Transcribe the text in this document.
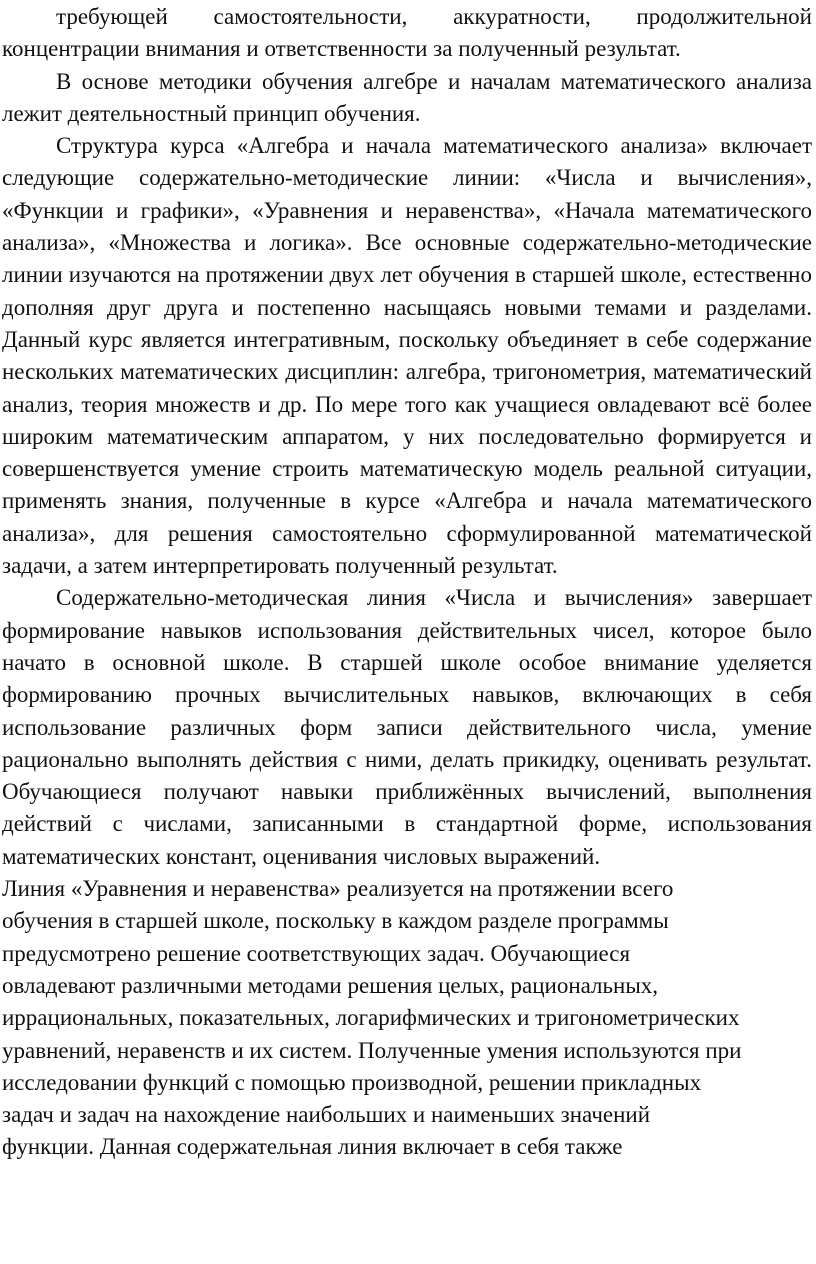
требующей самостоятельности, аккуратности, продолжительной концентрации внимания и ответственности за полученный результат.

В основе методики обучения алгебре и началам математического анализа лежит деятельностный принцип обучения.

Структура курса «Алгебра и начала математического анализа» включает следующие содержательно-методические линии: «Числа и вычисления», «Функции и графики», «Уравнения и неравенства», «Начала математического анализа», «Множества и логика». Все основные содержательно-методические линии изучаются на протяжении двух лет обучения в старшей школе, естественно дополняя друг друга и постепенно насыщаясь новыми темами и разделами. Данный курс является интегративным, поскольку объединяет в себе содержание нескольких математических дисциплин: алгебра, тригонометрия, математический анализ, теория множеств и др. По мере того как учащиеся овладевают всё более широким математическим аппаратом, у них последовательно формируется и совершенствуется умение строить математическую модель реальной ситуации, применять знания, полученные в курсе «Алгебра и начала математического анализа», для решения самостоятельно сформулированной математической задачи, а затем интерпретировать полученный результат.

Содержательно-методическая линия «Числа и вычисления» завершает формирование навыков использования действительных чисел, которое было начато в основной школе. В старшей школе особое внимание уделяется формированию прочных вычислительных навыков, включающих в себя использование различных форм записи действительного числа, умение рационально выполнять действия с ними, делать прикидку, оценивать результат. Обучающиеся получают навыки приближённых вычислений, выполнения действий с числами, записанными в стандартной форме, использования математических констант, оценивания числовых выражений.

Линия «Уравнения и неравенства» реализуется на протяжении всего
обучения в старшей школе, поскольку в каждом разделе программы
предусмотрено решение соответствующих задач. Обучающиеся
овладевают различными методами решения целых, рациональных,
иррациональных, показательных, логарифмических и тригонометрических
уравнений, неравенств и их систем. Полученные умения используются при
исследовании функций с помощью производной, решении прикладных
задач и задач на нахождение наибольших и наименьших значений
функции. Данная содержательная линия включает в себя также
